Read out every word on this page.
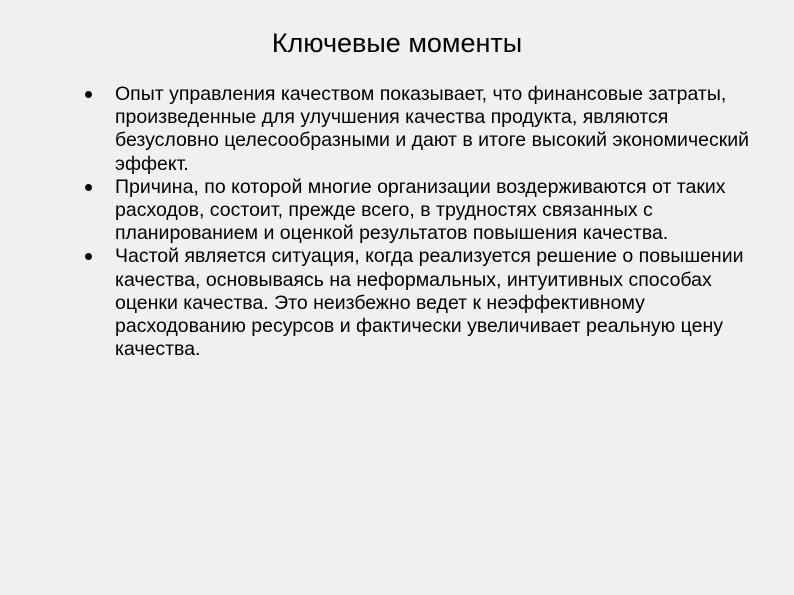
Ключевые моменты
Опыт управления качеством показывает, что финансовые затраты, произведенные для улучшения качества продукта, являются безусловно целесообразными и дают в итоге высокий экономический эффект.
Причина, по которой многие организации воздерживаются от таких расходов, состоит, прежде всего, в трудностях связанных с планированием и оценкой результатов повышения качества.
Частой является ситуация, когда реализуется решение о повышении качества, основываясь на неформальных, интуитивных способах оценки качества. Это неизбежно ведет к неэффективному расходованию ресурсов и фактически увеличивает реальную цену качества.
